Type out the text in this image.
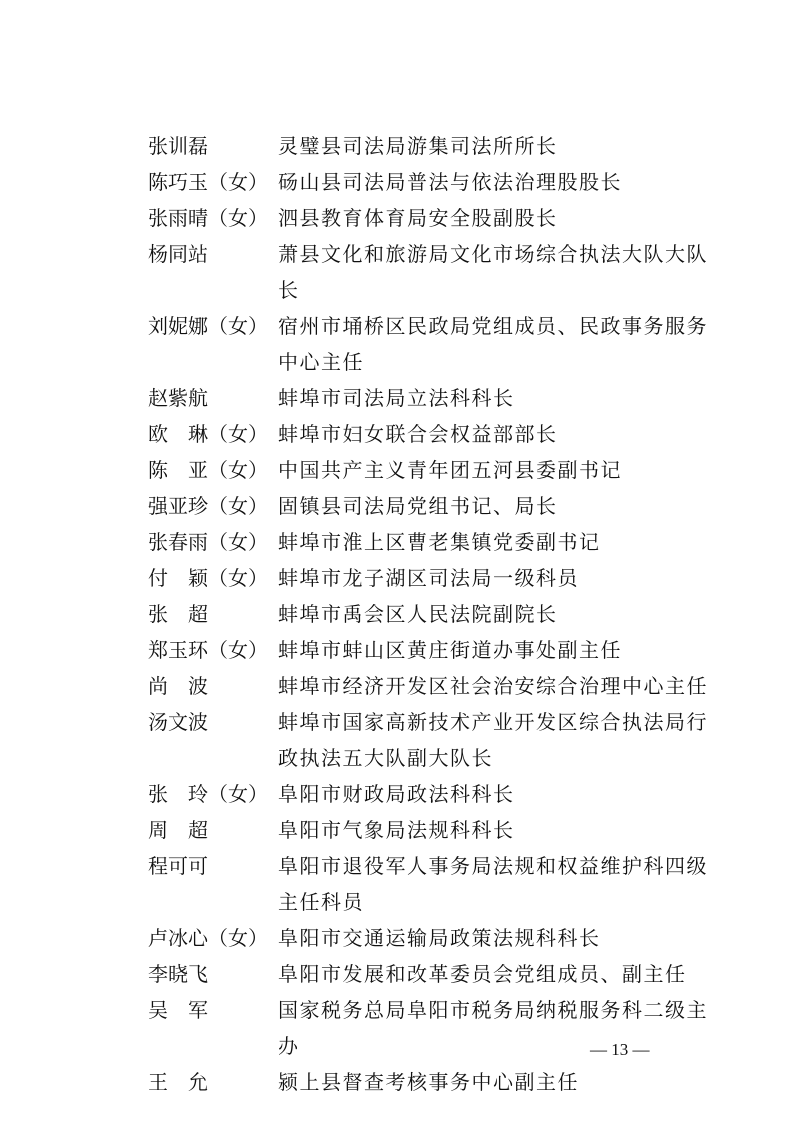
张训磊	灵璧县司法局游集司法所所长
陈巧玉（女） 砀山县司法局普法与依法治理股股长
张雨晴（女） 泗县教育体育局安全股副股长
杨同站	萧县文化和旅游局文化市场综合执法大队大队长
刘妮娜（女） 宿州市埇桥区民政局党组成员、民政事务服务中心主任
赵紫航	蚌埠市司法局立法科科长
欧　琳（女） 蚌埠市妇女联合会权益部部长
陈　亚（女） 中国共产主义青年团五河县委副书记
强亚珍（女） 固镇县司法局党组书记、局长
张春雨（女） 蚌埠市淮上区曹老集镇党委副书记
付　颖（女） 蚌埠市龙子湖区司法局一级科员
张　超	蚌埠市禹会区人民法院副院长
郑玉环（女） 蚌埠市蚌山区黄庄街道办事处副主任
尚　波	蚌埠市经济开发区社会治安综合治理中心主任
汤文波	蚌埠市国家高新技术产业开发区综合执法局行政执法五大队副大队长
张　玲（女） 阜阳市财政局政法科科长
周　超	阜阳市气象局法规科科长
程可可	阜阳市退役军人事务局法规和权益维护科四级主任科员
卢冰心（女） 阜阳市交通运输局政策法规科科长
李晓飞	阜阳市发展和改革委员会党组成员、副主任
吴　军	国家税务总局阜阳市税务局纳税服务科二级主办
王　允	颍上县督查考核事务中心副主任
— 13 —
